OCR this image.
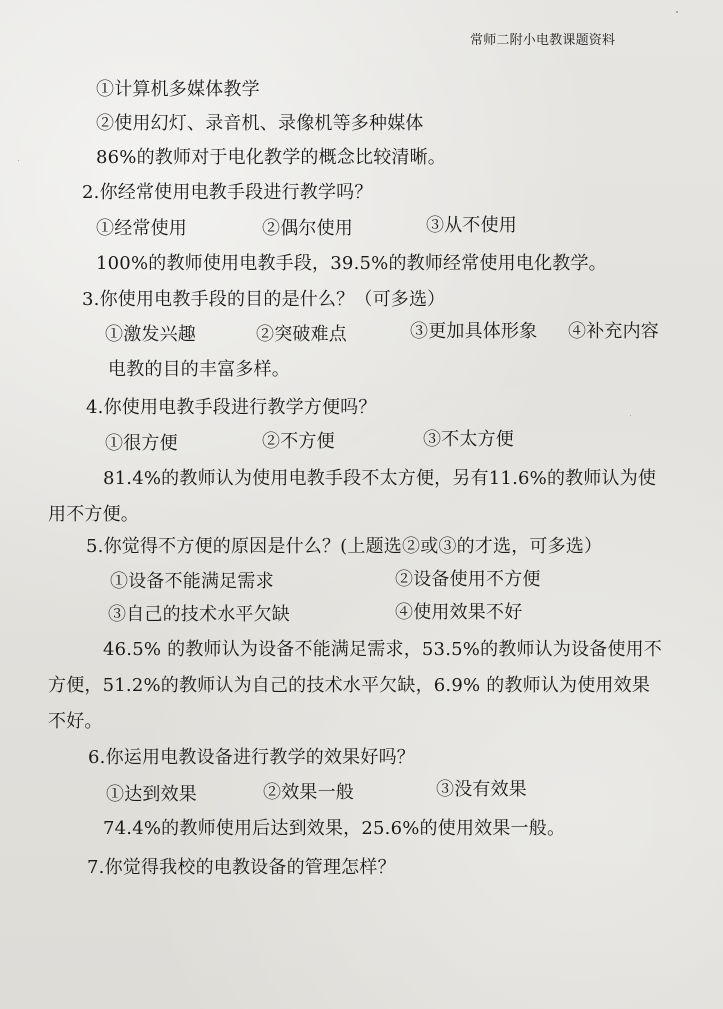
常师二附小电教课题资料
①计算机多媒体教学
②使用幻灯、录音机、录像机等多种媒体
86%的教师对于电化教学的概念比较清晰。
2.你经常使用电教手段进行教学吗？
①经常使用	②偶尔使用	③从不使用
100%的教师使用电教手段，39.5%的教师经常使用电化教学。
3.你使用电教手段的目的是什么？（可多选）
①激发兴趣	②突破难点	③更加具体形象 ④补充内容
电教的目的丰富多样。
4.你使用电教手段进行教学方便吗？
①很方便	②不方便	③不太方便
81.4%的教师认为使用电教手段不太方便，另有11.6%的教师认为使
用不方便。
5.你觉得不方便的原因是什么？(上题选②或③的才选，可多选）
①设备不能满足需求	②设备使用不方便
③自己的技术水平欠缺	④使用效果不好
46.5% 的教师认为设备不能满足需求，53.5%的教师认为设备使用不
方便，51.2%的教师认为自己的技术水平欠缺，6.9% 的教师认为使用效果
不好。
6.你运用电教设备进行教学的效果好吗？
①达到效果	②效果一般	③没有效果
74.4%的教师使用后达到效果，25.6%的使用效果一般。
7.你觉得我校的电教设备的管理怎样？
